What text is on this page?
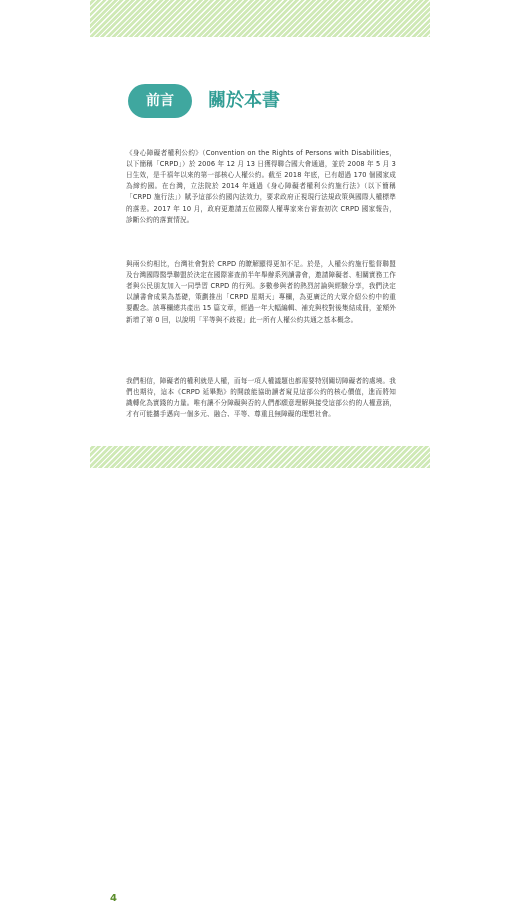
前言	關於本書

《身心障礙者權利公約》（Convention on the Rights of Persons with Disabilities，以下簡稱「CRPD」）於 2006 年 12 月 13 日獲得聯合國大會通過，並於 2008 年 5 月 3 日生效，是千禧年以來的第一部核心人權公約。截至 2018 年底，已有超過 170 個國家成為締約國。在台灣，立法院於 2014 年通過《身心障礙者權利公約施行法》（以下簡稱「CRPD 施行法」）賦予這部公約國內法效力，要求政府正視現行法規政策與國際人權標準的落差。2017 年 10 月，政府更邀請五位國際人權專家來台審查初次 CRPD 國家報告，診斷公約的落實情況。

與兩公約相比，台灣社會對於 CRPD 的瞭解顯得更加不足。於是，人權公約施行監督聯盟及台灣國際醫學聯盟於決定在國際審查前半年舉辦系列讀書會，邀請障礙者、相關實務工作者與公民朋友加入一同學習 CRPD 的行列。多數參與者的熱烈討論與經驗分享，我們決定以讀書會成果為基礎，策劃推出「CRPD 星期天」專欄，為更廣泛的大眾介紹公約中的重要觀念。該專欄總共產出 15 篇文章，經過一年大幅編輯、補充與校對後集結成冊，並額外新增了第 0 回，以說明「平等與不歧視」此一所有人權公約共通之基本概念。

我們相信，障礙者的權利就是人權，而每一項人權議題也都需要特別關切障礙者的處境。我們也期待，這本《CRPD 延畢點》的開啟能協助讀者窺見這部公約的核心價值，進而將知識轉化為實踐的力量。唯有讓不分障礙與否的人們都願意理解與接受這部公約的人權意涵，才有可能攜手邁向一個多元、融合、平等、尊重且無障礙的理想社會。

4
